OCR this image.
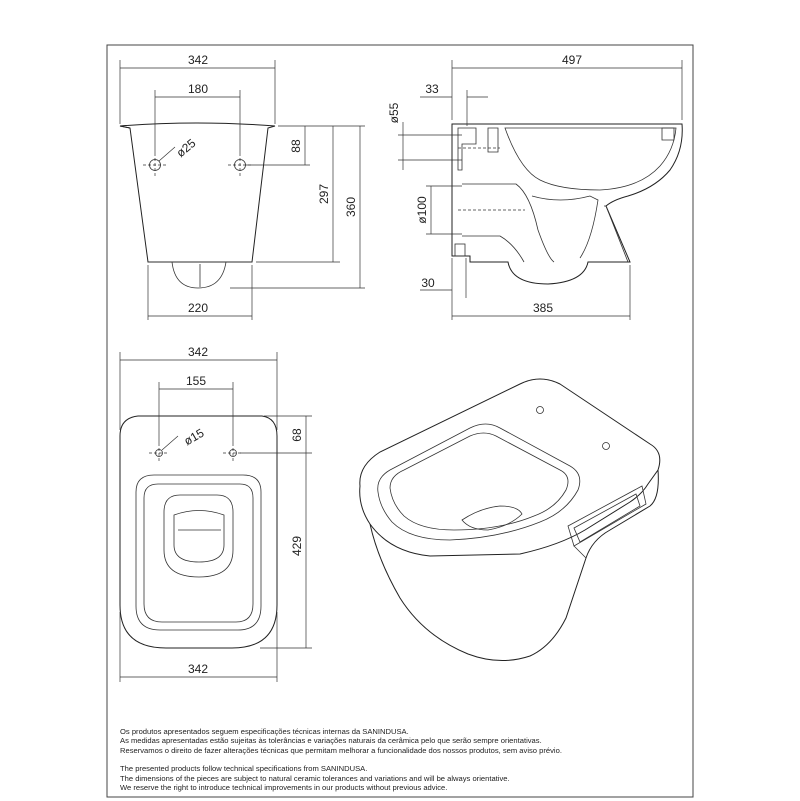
342
180
ø25	88
297
360
220
497
33
ø55
ø100
30
385
342
155
ø15	68
429
342
Os produtos apresentados seguem especificações técnicas internas da SANINDUSA.
As medidas apresentadas estão sujeitas às tolerâncias e variações naturais da cerâmica pelo que serão sempre orientativas.
Reservamos o direito de fazer alterações técnicas que permitam melhorar a funcionalidade dos nossos produtos, sem aviso prévio.
The presented products follow technical specifications from SANINDUSA.
The dimensions of the pieces are subject to natural ceramic tolerances and variations and will be always orientative.
We reserve the right to introduce technical improvements in our products without previous advice.
